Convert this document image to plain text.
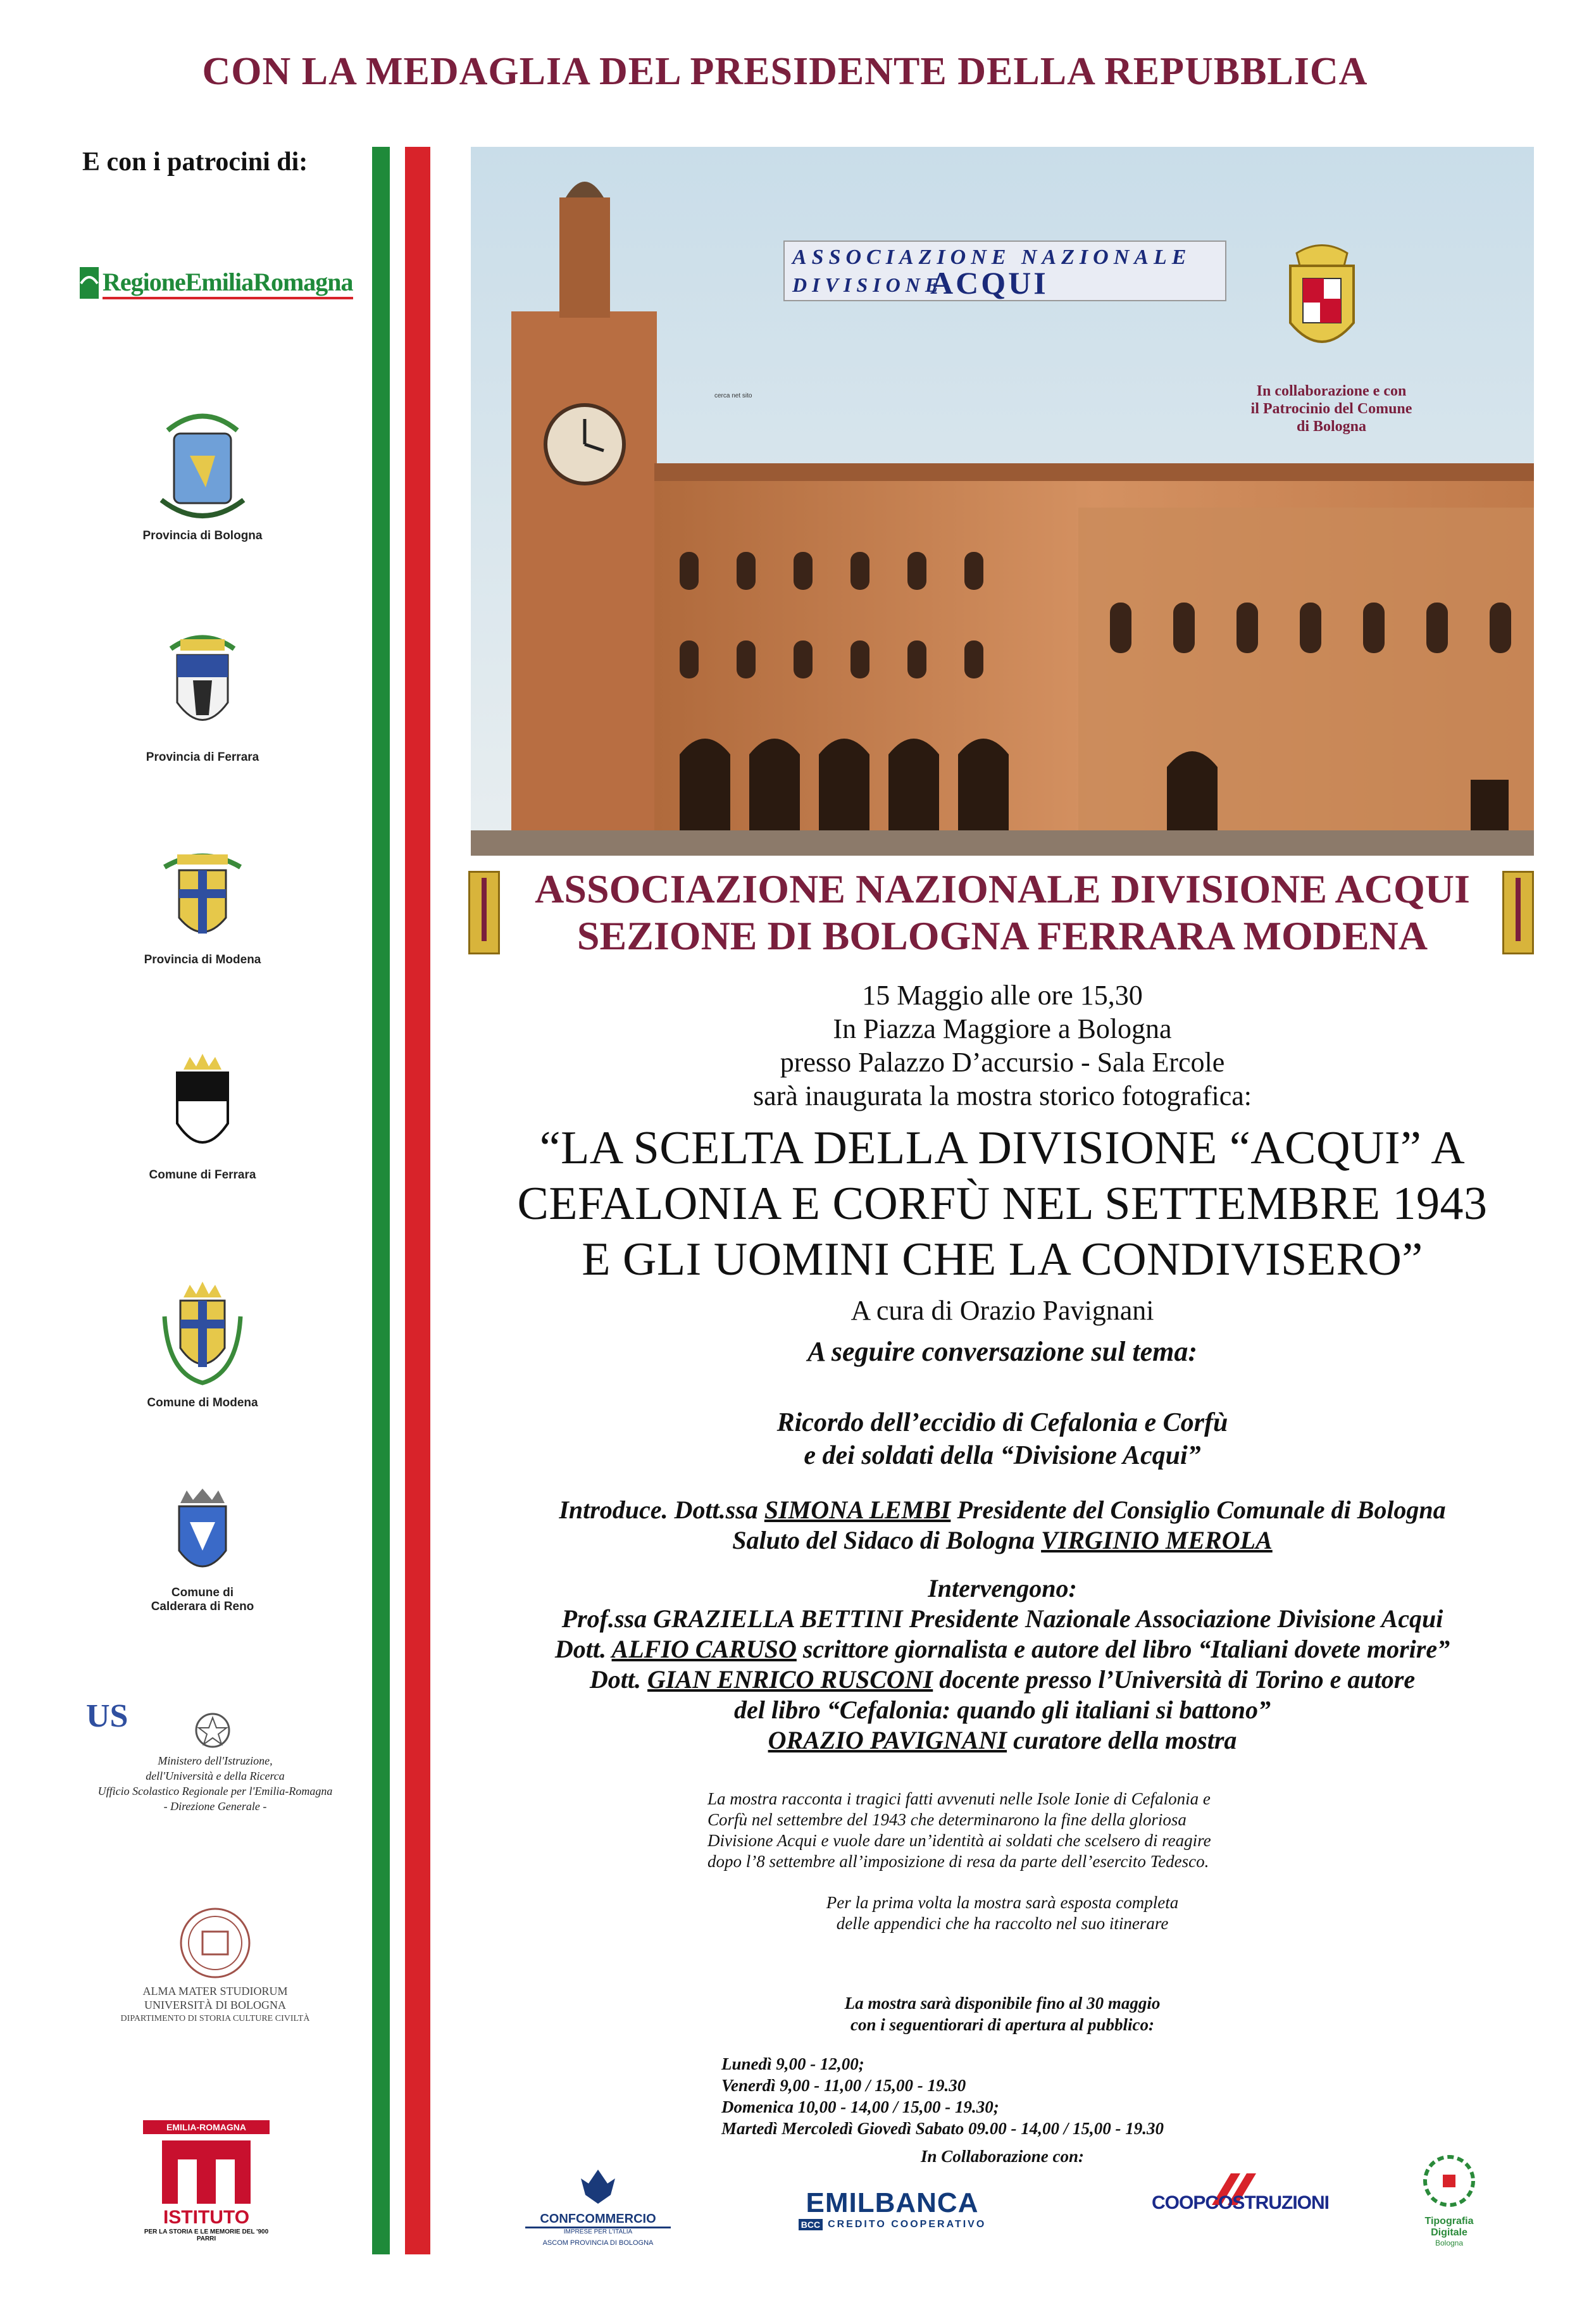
CON LA MEDAGLIA DEL PRESIDENTE DELLA REPUBBLICA
E con i patrocini di:
RegioneEmiliaRomagna
Provincia di Bologna
Provincia di Ferrara
Provincia di Modena
Comune di Ferrara
Comune di Modena
Comune di
Calderara di Reno
US
Ministero dell'Istruzione,
dell'Università e della Ricerca
Ufficio Scolastico Regionale per l'Emilia-Romagna
- Direzione Generale -
ALMA MATER STUDIORUM
UNIVERSITÀ DI BOLOGNA
DIPARTIMENTO DI STORIA CULTURE CIVILTÀ
EMILIA-ROMAGNA
ISTITUTO
PER LA STORIA E LE MEMORIE DEL '900 PARRI
ASSOCIAZIONE NAZIONALE
DIVISIONE
ACQUI
In collaborazione e con
il Patrocinio del Comune
di Bologna
cerca net sito
ASSOCIAZIONE NAZIONALE DIVISIONE ACQUI
SEZIONE DI BOLOGNA FERRARA MODENA
15 Maggio alle ore 15,30
In Piazza Maggiore a Bologna
presso Palazzo D’accursio - Sala Ercole
sarà inaugurata la mostra storico fotografica:
“LA SCELTA DELLA DIVISIONE “ACQUI” A
CEFALONIA E CORFÙ NEL SETTEMBRE 1943
E GLI UOMINI CHE LA CONDIVISERO”
A cura di Orazio Pavignani
A seguire conversazione sul tema:
Ricordo dell’eccidio di Cefalonia e Corfù
e dei soldati della “Divisione Acqui”
Introduce. Dott.ssa SIMONA LEMBI Presidente del Consiglio Comunale di Bologna
Saluto del Sidaco di Bologna VIRGINIO MEROLA
Intervengono:
Prof.ssa GRAZIELLA BETTINI Presidente Nazionale Associazione Divisione Acqui
Dott. ALFIO CARUSO scrittore giornalista e autore del libro “Italiani dovete morire”
Dott. GIAN ENRICO RUSCONI docente presso l’Università di Torino e autore
del libro “Cefalonia: quando gli italiani si battono”
ORAZIO PAVIGNANI curatore della mostra
La mostra racconta i tragici fatti avvenuti nelle Isole Ionie di Cefalonia e
Corfù nel settembre del 1943 che determinarono la fine della gloriosa
Divisione Acqui e vuole dare un’identità ai soldati che scelsero di reagire
dopo l’8 settembre all’imposizione di resa da parte dell’esercito Tedesco.
Per la prima volta la mostra sarà esposta completa
delle appendici che ha raccolto nel suo itinerare
La mostra sarà disponibile fino al 30 maggio
con i seguentiorari di apertura al pubblico:
Lunedì 9,00 - 12,00;
Venerdì 9,00 - 11,00 / 15,00 - 19.30
Domenica 10,00 - 14,00 / 15,00 - 19.30;
Martedì Mercoledì Giovedì Sabato 09.00 - 14,00 / 15,00 - 19.30
In Collaborazione con:
CONFCOMMERCIO
IMPRESE PER L'ITALIA
ASCOM PROVINCIA DI BOLOGNA
EMILBANCA
BCC CREDITO COOPERATIVO
COOPCOSTRUZIONI
Tipografia
Digitale
Bologna
